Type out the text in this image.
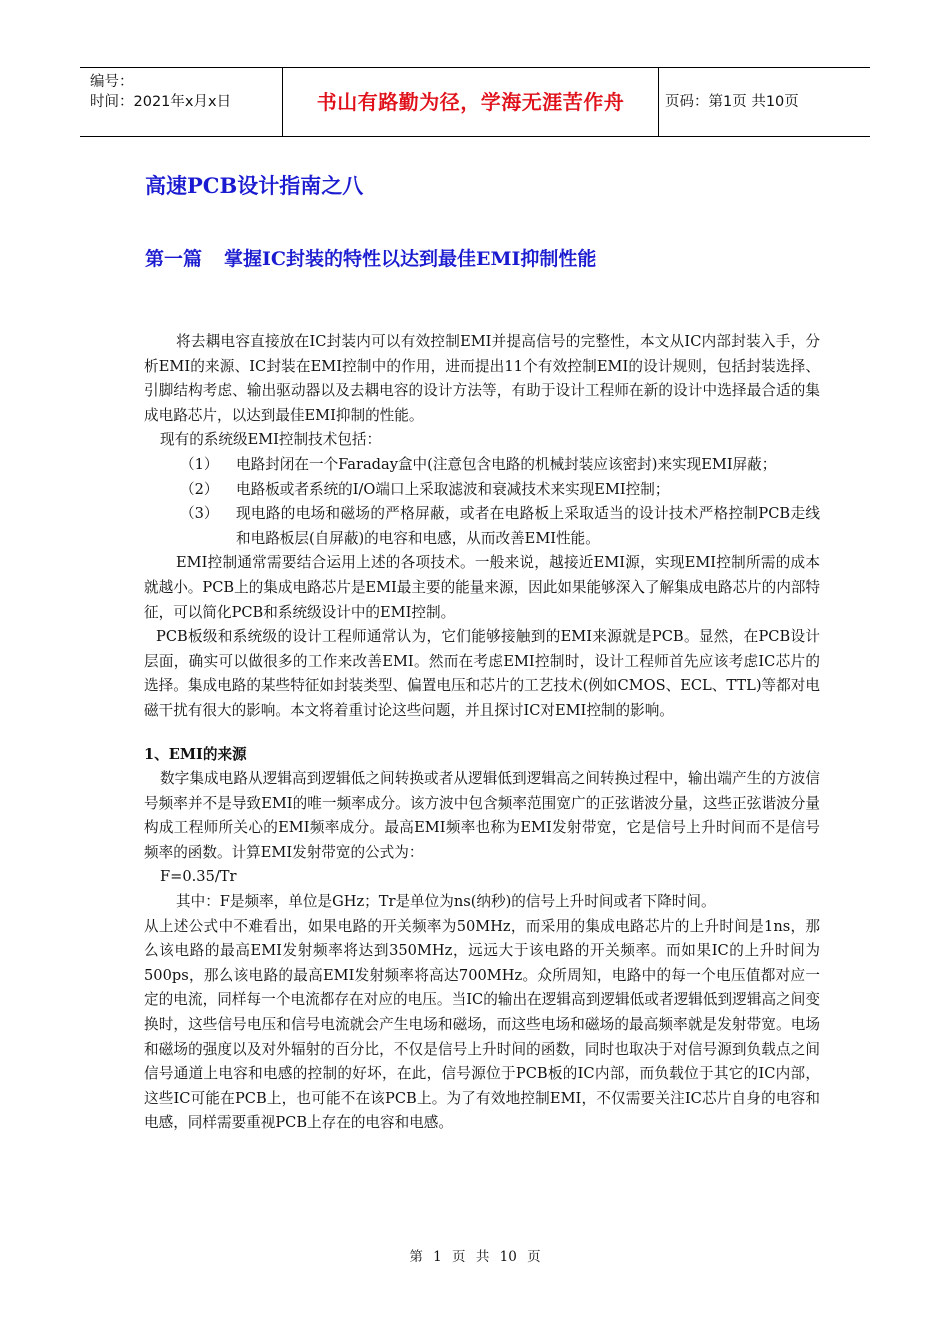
编号：
时间：2021年x月x日	书山有路勤为径，学海无涯苦作舟	页码：第1页 共10页
高速PCB设计指南之八
第一篇 掌握IC封装的特性以达到最佳EMI抑制性能

将去耦电容直接放在IC封装内可以有效控制EMI并提高信号的完整性，本文从IC内部封装入手，分析EMI的来源、IC封装在EMI控制中的作用，进而提出11个有效控制EMI的设计规则，包括封装选择、引脚结构考虑、输出驱动器以及去耦电容的设计方法等，有助于设计工程师在新的设计中选择最合适的集成电路芯片，以达到最佳EMI抑制的性能。

现有的系统级EMI控制技术包括：

（1）	电路封闭在一个Faraday盒中(注意包含电路的机械封装应该密封)来实现EMI屏蔽；
（2）	电路板或者系统的I/O端口上采取滤波和衰减技术来实现EMI控制；
（3）	现电路的电场和磁场的严格屏蔽，或者在电路板上采取适当的设计技术严格控制PCB走线和电路板层(自屏蔽)的电容和电感，从而改善EMI性能。

EMI控制通常需要结合运用上述的各项技术。一般来说，越接近EMI源，实现EMI控制所需的成本就越小。PCB上的集成电路芯片是EMI最主要的能量来源，因此如果能够深入了解集成电路芯片的内部特征，可以简化PCB和系统级设计中的EMI控制。

PCB板级和系统级的设计工程师通常认为，它们能够接触到的EMI来源就是PCB。显然，在PCB设计层面，确实可以做很多的工作来改善EMI。然而在考虑EMI控制时，设计工程师首先应该考虑IC芯片的选择。集成电路的某些特征如封装类型、偏置电压和芯片的工艺技术(例如CMOS、ECL、TTL)等都对电磁干扰有很大的影响。本文将着重讨论这些问题，并且探讨IC对EMI控制的影响。

1、EMI的来源

数字集成电路从逻辑高到逻辑低之间转换或者从逻辑低到逻辑高之间转换过程中，输出端产生的方波信号频率并不是导致EMI的唯一频率成分。该方波中包含频率范围宽广的正弦谐波分量，这些正弦谐波分量构成工程师所关心的EMI频率成分。最高EMI频率也称为EMI发射带宽，它是信号上升时间而不是信号频率的函数。计算EMI发射带宽的公式为：

F=0.35/Tr

其中：F是频率，单位是GHz；Tr是单位为ns(纳秒)的信号上升时间或者下降时间。

从上述公式中不难看出，如果电路的开关频率为50MHz，而采用的集成电路芯片的上升时间是1ns，那么该电路的最高EMI发射频率将达到350MHz，远远大于该电路的开关频率。而如果IC的上升时间为500ps，那么该电路的最高EMI发射频率将高达700MHz。众所周知，电路中的每一个电压值都对应一定的电流，同样每一个电流都存在对应的电压。当IC的输出在逻辑高到逻辑低或者逻辑低到逻辑高之间变换时，这些信号电压和信号电流就会产生电场和磁场，而这些电场和磁场的最高频率就是发射带宽。电场和磁场的强度以及对外辐射的百分比，不仅是信号上升时间的函数，同时也取决于对信号源到负载点之间信号通道上电容和电感的控制的好坏，在此，信号源位于PCB板的IC内部，而负载位于其它的IC内部，这些IC可能在PCB上，也可能不在该PCB上。为了有效地控制EMI，不仅需要关注IC芯片自身的电容和电感，同样需要重视PCB上存在的电容和电感。

第 1 页 共 10 页
